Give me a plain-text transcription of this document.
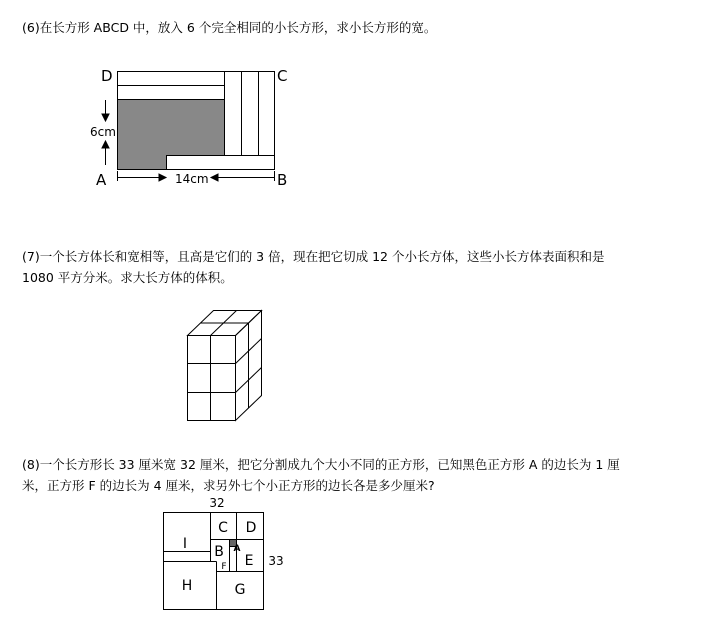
(6)在长方形 ABCD 中，放入 6 个完全相同的小长方形，求小长方形的宽。
D	C
A	B
6cm
14cm
(7)一个长方体长和宽相等，且高是它们的 3 倍，现在把它切成 12 个小长方体，这些小长方体表面积和是
1080 平方分米。求大长方体的体积。
(8)一个长方形长 33 厘米宽 32 厘米，把它分割成九个大小不同的正方形，已知黑色正方形 A 的边长为 1 厘
米，正方形 F 的边长为 4 厘米，求另外七个小正方形的边长各是多少厘米?
32
33
I
C D
B A
E
F
H	G
